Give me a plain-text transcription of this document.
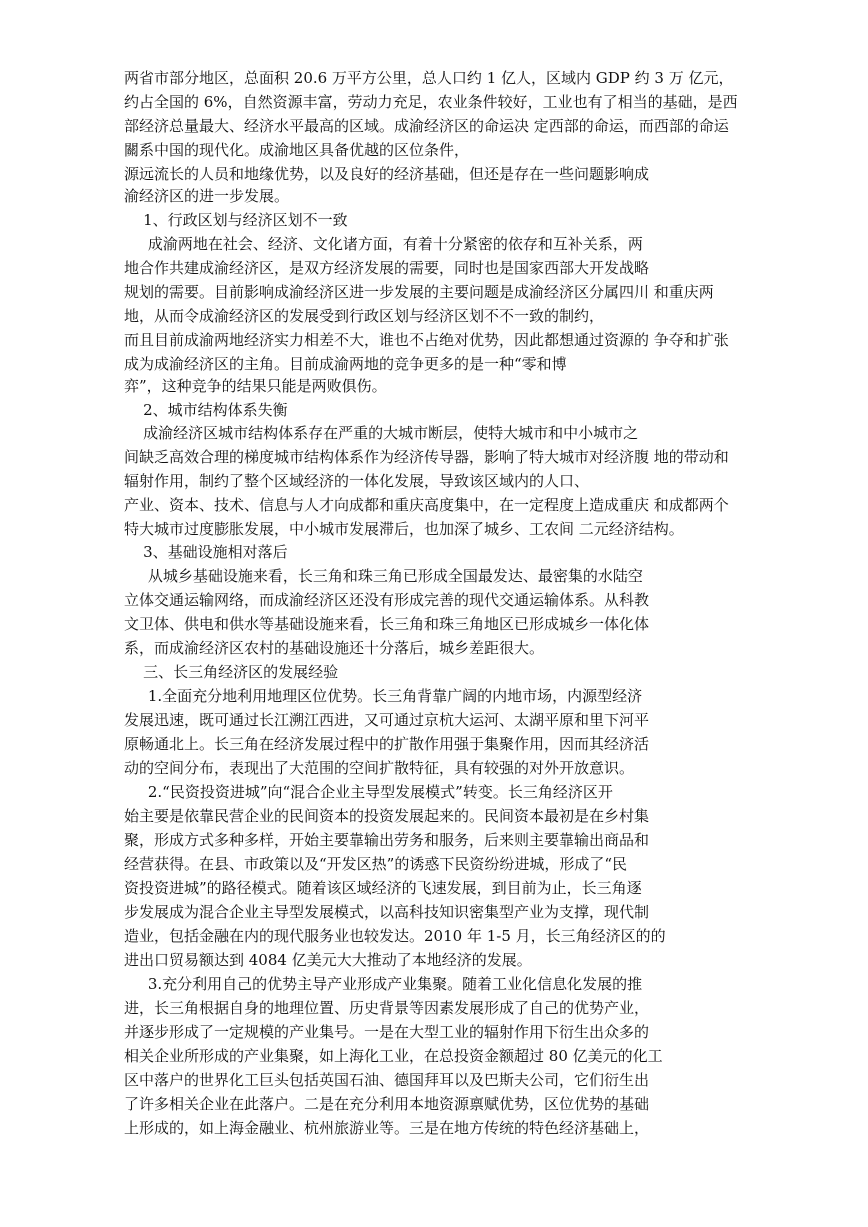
两省市部分地区，总面积 20.6 万平方公里，总人口约 1 亿人，区域内 GDP 约 3 万 亿元，
约占全国的 6%，自然资源丰富，劳动力充足，农业条件较好，工业也有了相当的基础，是西
部经济总量最大、经济水平最高的区域。成渝经济区的命运决 定西部的命运，而西部的命运
關系中国的现代化。成渝地区具备优越的区位条件，
源远流长的人员和地缘优势，以及良好的经济基础，但还是存在一些问题影响成
渝经济区的进一步发展。
1、行政区划与经济区划不一致
成渝两地在社会、经济、文化诸方面，有着十分紧密的依存和互补关系，两
地合作共建成渝经济区，是双方经济发展的需要，同时也是国家西部大开发战略
规划的需要。目前影响成渝经济区进一步发展的主要问题是成渝经济区分属四川 和重庆两
地，从而令成渝经济区的发展受到行政区划与经济区划不不一致的制约，
而且目前成渝两地经济实力相差不大，谁也不占绝对优势，因此都想通过资源的 争夺和扩张
成为成渝经济区的主角。目前成渝两地的竞争更多的是一种“零和博
弈”，这种竞争的结果只能是两败俱伤。
2、城市结构体系失衡
成渝经济区城市结构体系存在严重的大城市断层，使特大城市和中小城市之
间缺乏高效合理的梯度城市结构体系作为经济传导器，影响了特大城市对经济腹 地的带动和
辐射作用，制约了整个区域经济的一体化发展，导致该区域内的人口、
产业、资本、技术、信息与人才向成都和重庆高度集中，在一定程度上造成重庆 和成都两个
特大城市过度膨胀发展，中小城市发展滞后，也加深了城乡、工农间 二元经济结构。
3、基础设施相对落后
从城乡基础设施来看，长三角和珠三角已形成全国最发达、最密集的水陆空
立体交通运输网络，而成渝经济区还没有形成完善的现代交通运输体系。从科教
文卫体、供电和供水等基础设施来看，长三角和珠三角地区已形成城乡一体化体
系，而成渝经济区农村的基础设施还十分落后，城乡差距很大。
三、长三角经济区的发展经验
1.全面充分地利用地理区位优势。长三角背靠广阔的内地市场，内源型经济
发展迅速，既可通过长江溯江西进，又可通过京杭大运河、太湖平原和里下河平
原畅通北上。长三角在经济发展过程中的扩散作用强于集聚作用，因而其经济活
动的空间分布，表现出了大范围的空间扩散特征，具有较强的对外开放意识。
2.“民资投资进城”向“混合企业主导型发展模式”转变。长三角经济区开
始主要是依靠民营企业的民间资本的投资发展起来的。民间资本最初是在乡村集
聚，形成方式多种多样，开始主要靠输出劳务和服务，后来则主要靠输出商品和
经营获得。在县、市政策以及“开发区热”的诱惑下民资纷纷进城，形成了“民
资投资进城”的路径模式。随着该区域经济的飞速发展，到目前为止，长三角逐
步发展成为混合企业主导型发展模式，以高科技知识密集型产业为支撑，现代制
造业，包括金融在内的现代服务业也较发达。2010 年 1-5 月，长三角经济区的的
进出口贸易额达到 4084 亿美元大大推动了本地经济的发展。
3.充分利用自己的优势主导产业形成产业集聚。随着工业化信息化发展的推
进，长三角根据自身的地理位置、历史背景等因素发展形成了自己的优势产业，
并逐步形成了一定规模的产业集号。一是在大型工业的辐射作用下衍生出众多的
相关企业所形成的产业集聚，如上海化工业，在总投资金额超过 80 亿美元的化工
区中落户的世界化工巨头包括英国石油、德国拜耳以及巴斯夫公司，它们衍生出
了许多相关企业在此落户。二是在充分利用本地资源禀赋优势，区位优势的基础
上形成的，如上海金融业、杭州旅游业等。三是在地方传统的特色经济基础上，
